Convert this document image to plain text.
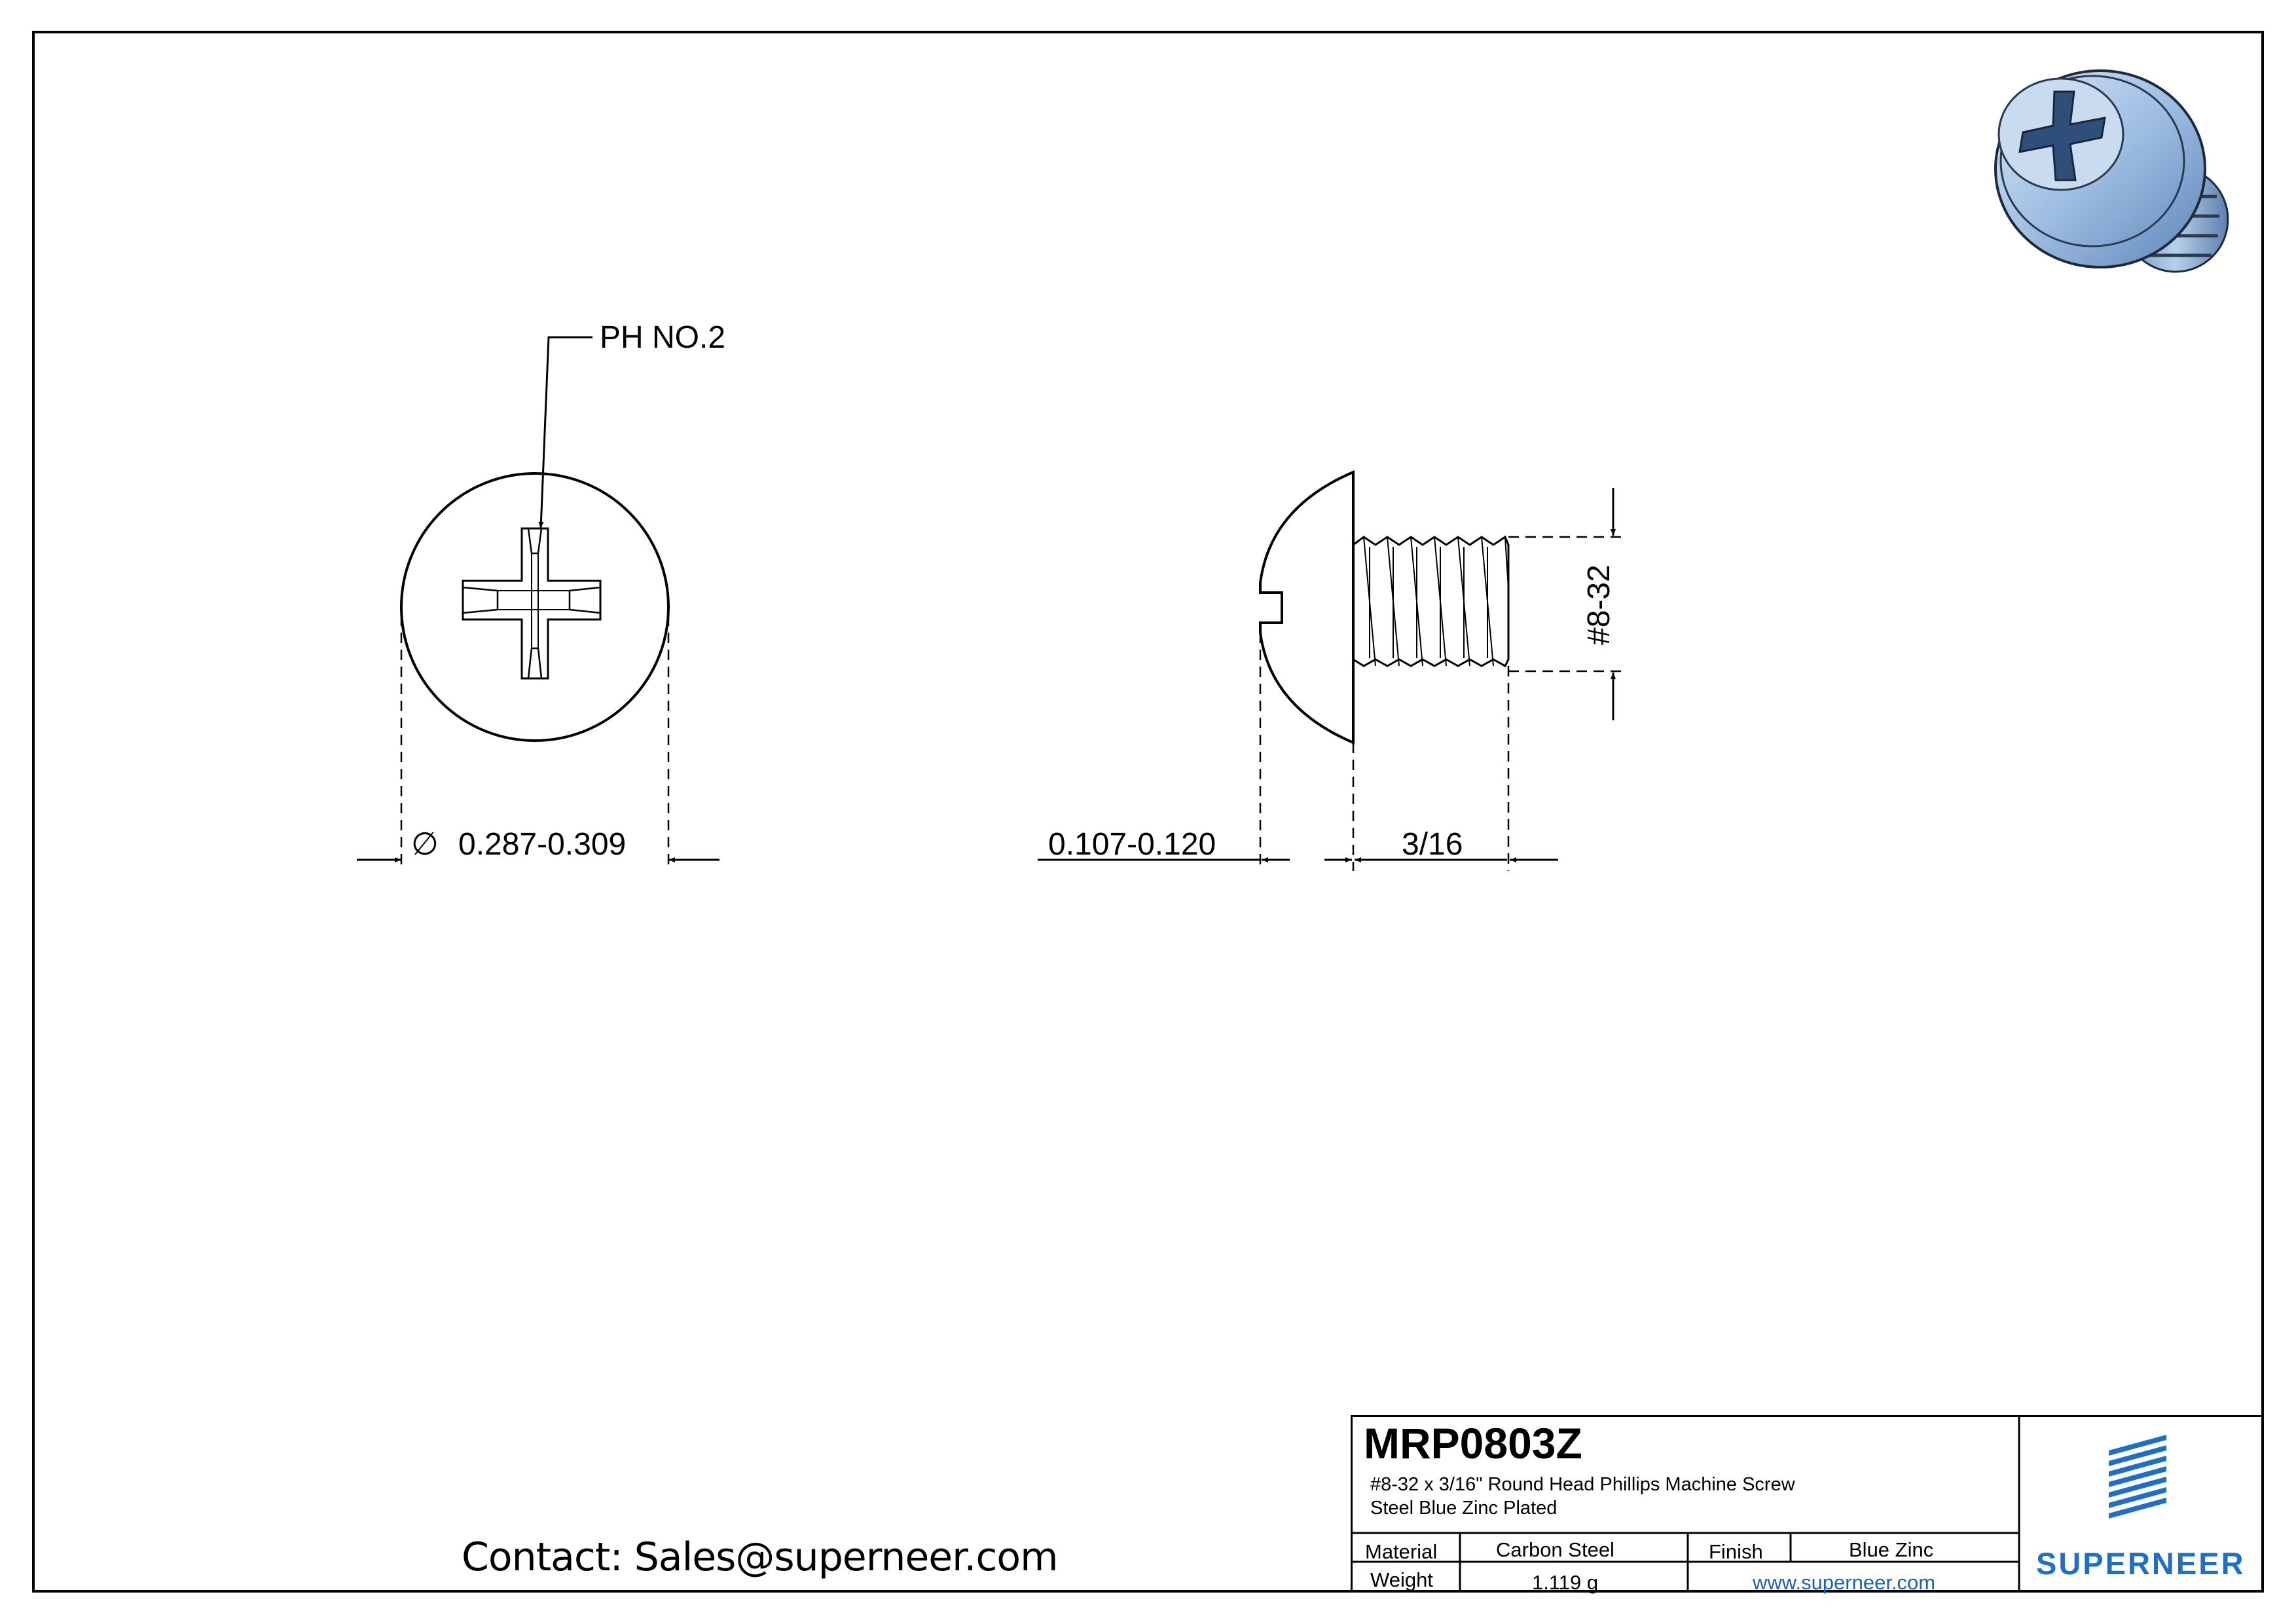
PH NO.2
∅ 0.287-0.309	0.107-0.120	3/16
#8-32
MRP0803Z
#8-32 x 3/16" Round Head Phillips Machine Screw
Steel Blue Zinc Plated
Material	Carbon Steel	Finish	Blue Zinc
Weight	1.119 g	www.superneer.com
SUPERNEER
Contact: Sales@superneer.com
